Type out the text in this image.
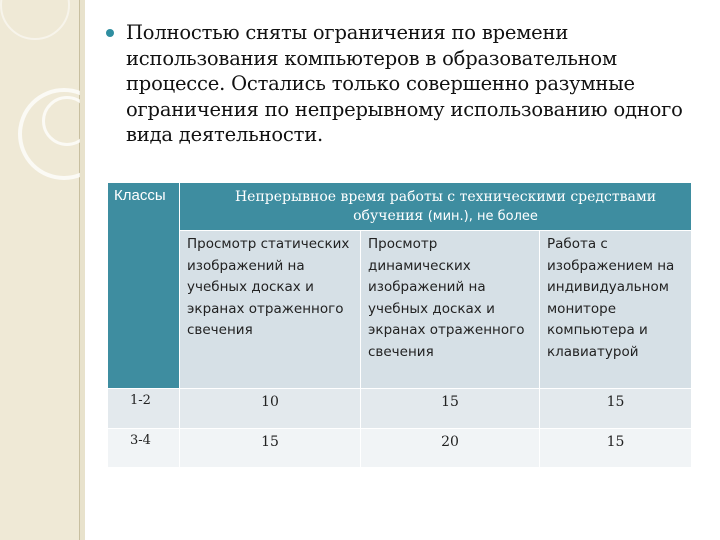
Полностью сняты ограничения по времени использования компьютеров в образовательном процессе. Остались только совершенно разумные ограничения по непрерывному использованию одного вида деятельности.
Классы	Непрерывное время работы с техническими средствами
обучения (мин.), не более		
	Просмотр статических изображений на учебных досках и экранах отраженного свечения	Просмотр динамических изображений на учебных досках и экранах отраженного свечения	Работа с изображением на индивидуальном мониторе компьютера и клавиатурой
1-2	10	15	15
3-4	15	20	15
